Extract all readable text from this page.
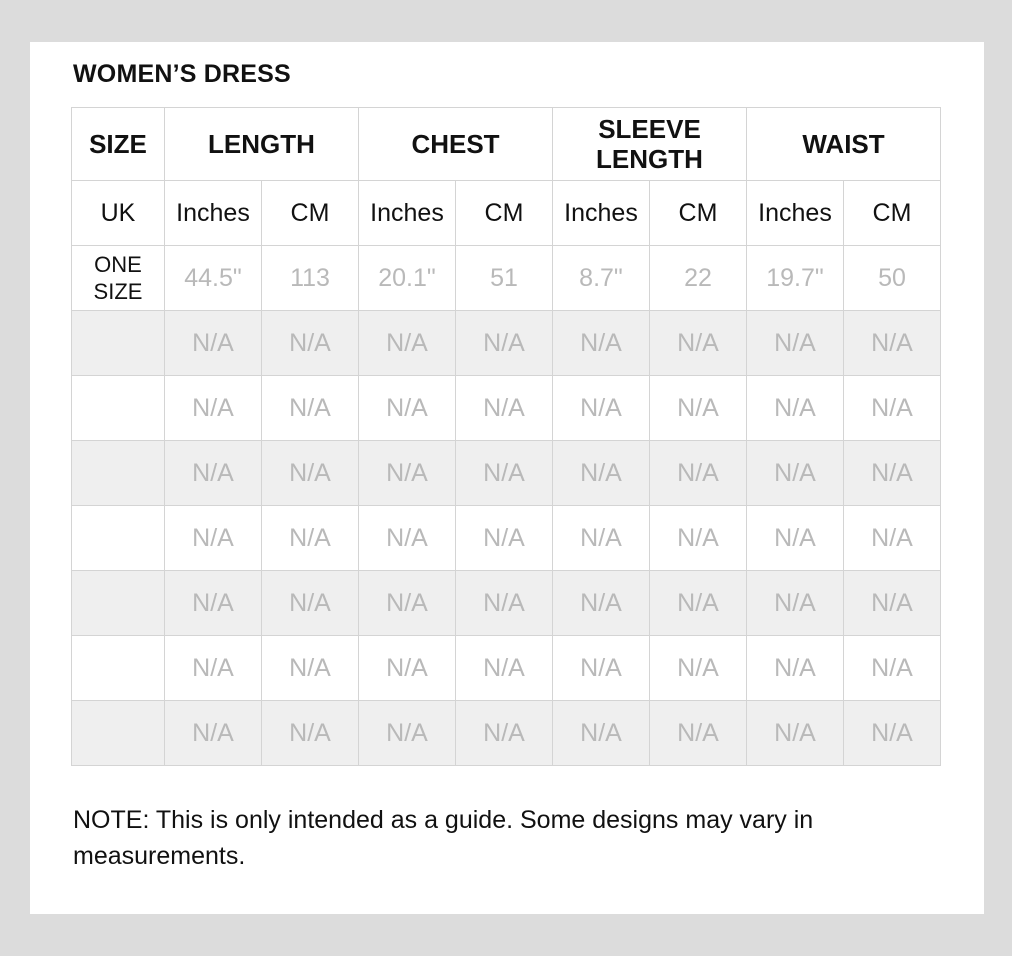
WOMEN’S DRESS
SIZE	LENGTH		CHEST		SLEEVE LENGTH		WAIST	
UK	Inches	CM	Inches	CM	Inches	CM	Inches	CM
ONE SIZE	44.5"	113	20.1"	51	8.7"	22	19.7"	50
	N/A	N/A	N/A	N/A	N/A	N/A	N/A	N/A
	N/A	N/A	N/A	N/A	N/A	N/A	N/A	N/A
	N/A	N/A	N/A	N/A	N/A	N/A	N/A	N/A
	N/A	N/A	N/A	N/A	N/A	N/A	N/A	N/A
	N/A	N/A	N/A	N/A	N/A	N/A	N/A	N/A
	N/A	N/A	N/A	N/A	N/A	N/A	N/A	N/A
	N/A	N/A	N/A	N/A	N/A	N/A	N/A	N/A
NOTE: This is only intended as a guide. Some designs may vary in measurements.
